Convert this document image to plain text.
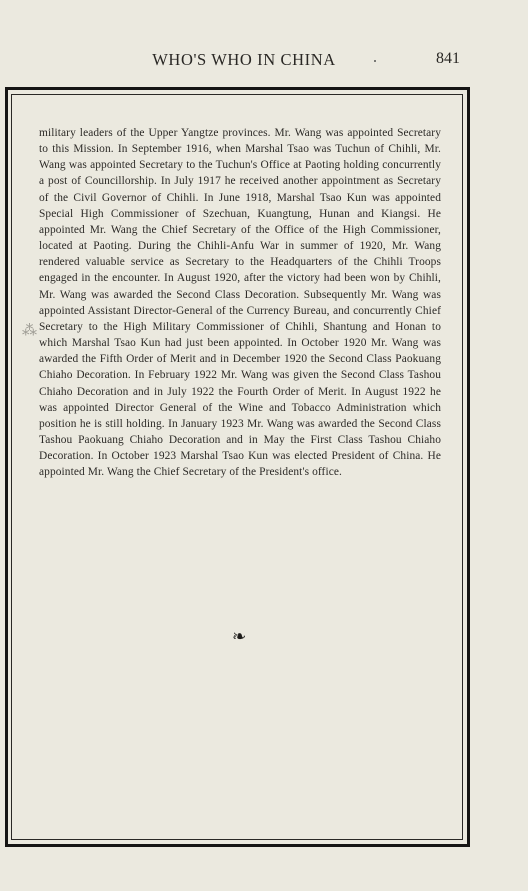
WHO'S WHO IN CHINA	841
⁂

military leaders of the Upper Yangtze provinces. Mr. Wang was appointed Secretary to this Mission. In September 1916, when Marshal Tsao was Tuchun of Chihli, Mr. Wang was appointed Secretary to the Tuchun's Office at Paoting holding concurrently a post of Councillorship. In July 1917 he received another appointment as Secretary of the Civil Governor of Chihli. In June 1918, Marshal Tsao Kun was appointed Special High Commissioner of Szechuan, Kuangtung, Hunan and Kiangsi. He appointed Mr. Wang the Chief Secretary of the Office of the High Commissioner, located at Paoting. During the Chihli-Anfu War in summer of 1920, Mr. Wang rendered valuable service as Secretary to the Headquarters of the Chihli Troops engaged in the encounter. In August 1920, after the victory had been won by Chihli, Mr. Wang was awarded the Second Class Decoration. Subsequently Mr. Wang was appointed Assistant Director-General of the Currency Bureau, and concurrently Chief Secretary to the High Military Commissioner of Chihli, Shantung and Honan to which Marshal Tsao Kun had just been appointed. In October 1920 Mr. Wang was awarded the Fifth Order of Merit and in December 1920 the Second Class Paokuang Chiaho Decoration. In February 1922 Mr. Wang was given the Second Class Tashou Chiaho Decoration and in July 1922 the Fourth Order of Merit. In August 1922 he was appointed Director General of the Wine and Tobacco Administration which position he is still holding. In January 1923 Mr. Wang was awarded the Second Class Tashou Paokuang Chiaho Decoration and in May the First Class Tashou Chiaho Decoration. In October 1923 Marshal Tsao Kun was elected President of China. He appointed Mr. Wang the Chief Secretary of the President's office.

❧
